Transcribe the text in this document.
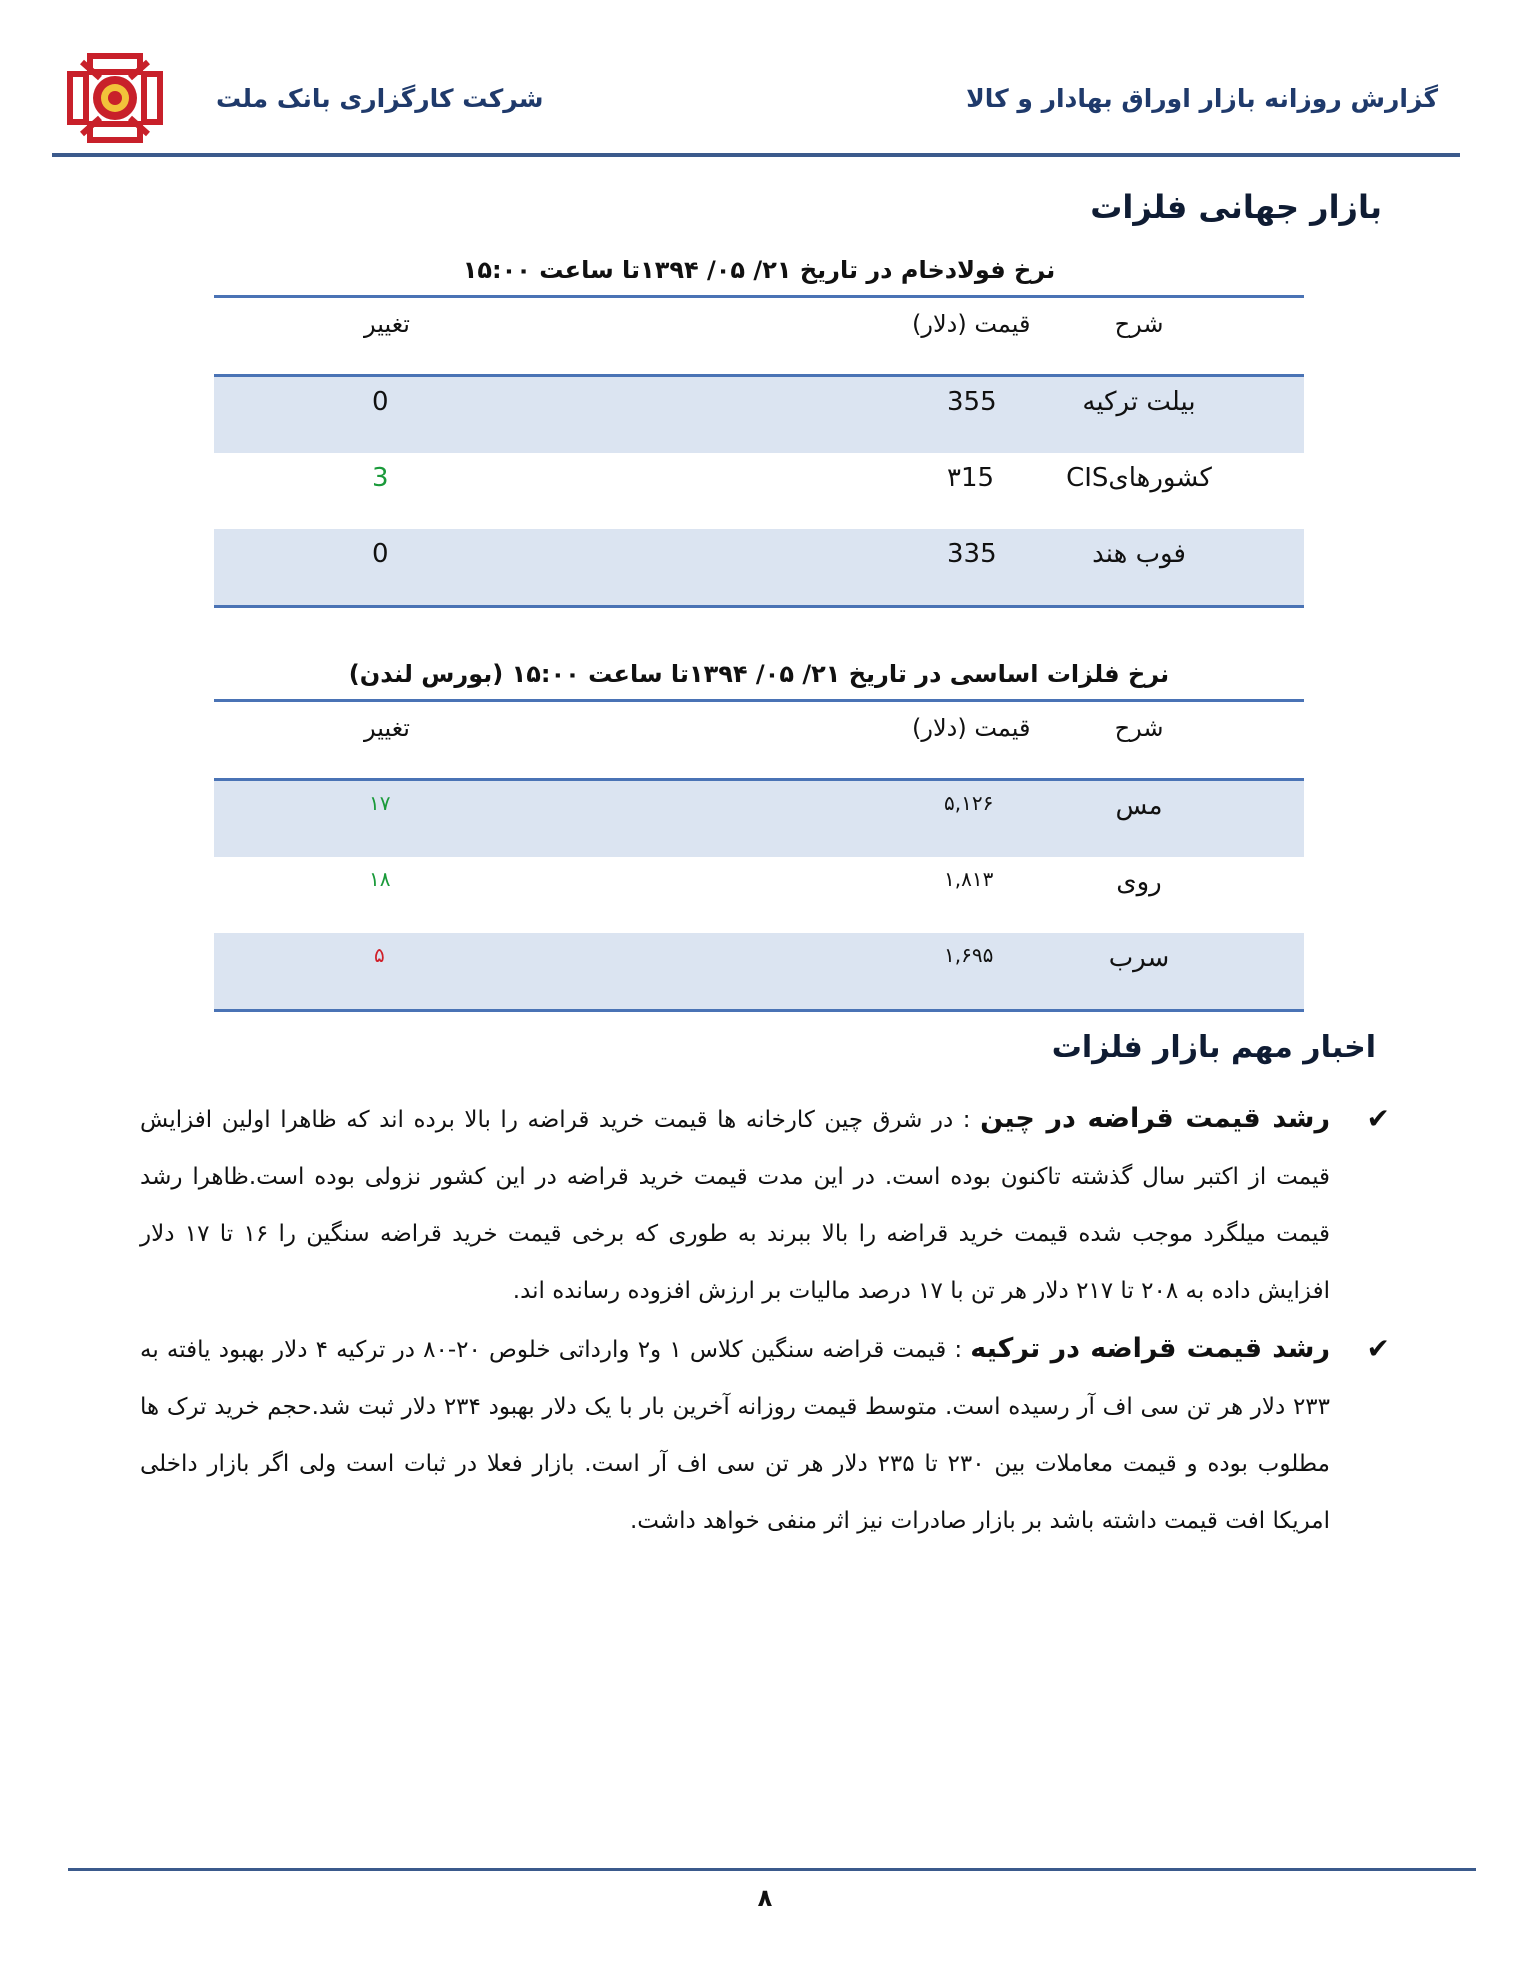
شرکت کارگزاری بانک ملت	گزارش روزانه بازار اوراق بهادار و کالا
بازار جهانی فلزات
نرخ فولادخام در تاریخ ۲۱/ ۰۵/ ۱۳۹۴تا ساعت ۱۵:۰۰
شرح
قیمت (دلار)
تغییر
بیلت ترکیه
355
0
کشورهایCIS
۳15
3
فوب هند
335
0
نرخ فلزات اساسی در تاریخ ۲۱/ ۰۵/ ۱۳۹۴تا ساعت ۱۵:۰۰ (بورس لندن)
شرح
قیمت (دلار)
تغییر
مس
۵,۱۲۶
۱۷
روی
۱,۸۱۳
۱۸
سرب
۱,۶۹۵
۵
اخبار مهم بازار فلزات
✔
رشد قیمت قراضه در چین : در شرق چین کارخانه ها قیمت خرید قراضه را بالا برده اند که ظاهرا اولین افزایش قیمت از اکتبر سال گذشته تاکنون بوده است. در این مدت قیمت خرید قراضه در این کشور نزولی بوده است.ظاهرا رشد قیمت میلگرد موجب شده قیمت خرید قراضه را بالا ببرند به طوری که برخی قیمت خرید قراضه سنگین را ۱۶ تا ۱۷ دلار افزایش داده به ۲۰۸ تا ۲۱۷ دلار هر تن با ۱۷ درصد مالیات بر ارزش افزوده رسانده اند.
✔
رشد قیمت قراضه در ترکیه : قیمت قراضه سنگین کلاس ۱ و۲ وارداتی خلوص ۲۰-۸۰ در ترکیه ۴ دلار بهبود یافته به ۲۳۳ دلار هر تن سی اف آر رسیده است. متوسط قیمت روزانه آخرین بار با یک دلار بهبود ۲۳۴ دلار ثبت شد.حجم خرید ترک ها مطلوب بوده و قیمت معاملات بین ۲۳۰ تا ۲۳۵ دلار هر تن سی اف آر است. بازار فعلا در ثبات است ولی اگر بازار داخلی امریکا افت قیمت داشته باشد بر بازار صادرات نیز اثر منفی خواهد داشت.
۸
